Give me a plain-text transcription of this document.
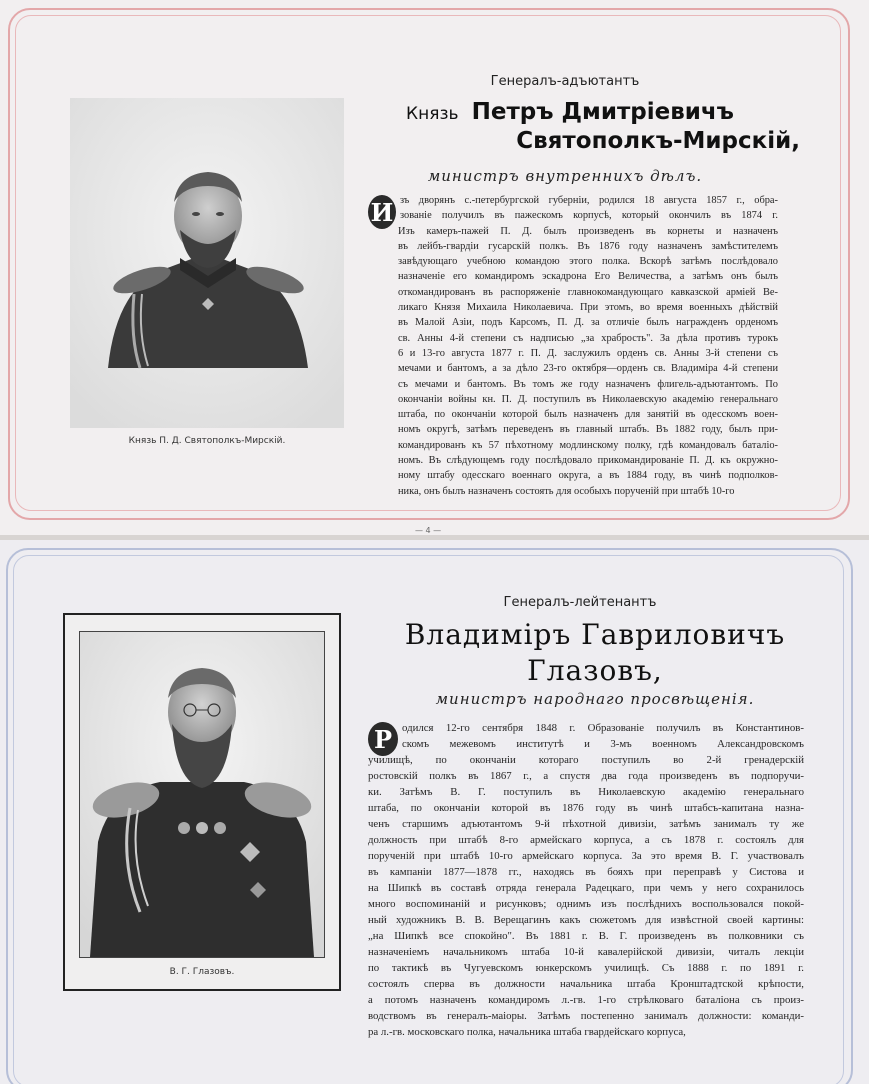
Князь П. Д. Святополкъ-Мирскій.
Генералъ-адъютантъ
Князь Петръ Дмитріевичъ
Святополкъ-Мирскій,
министръ внутреннихъ дѣлъ.
И зъ дворянъ с.-петербургской губерніи, родился 18 августа 1857 г., обра-
зованіе получилъ въ пажескомъ корпусѣ, который окончилъ въ 1874 г.
Изъ камеръ-пажей П. Д. былъ произведенъ въ корнеты и назначенъ
въ лейбъ-гвардіи гусарскій полкъ. Въ 1876 году назначенъ замѣстителемъ
завѣдующаго учебною командою этого полка. Вскорѣ затѣмъ послѣдовало
назначеніе его командиромъ эскадрона Его Величества, а затѣмъ онъ былъ
откомандированъ въ распоряженіе главнокомандующаго кавказской арміей Ве-
ликаго Князя Михаила Николаевича. При этомъ, во время военныхъ дѣйствій
въ Малой Азіи, подъ Карсомъ, П. Д. за отличіе былъ награжденъ орденомъ
св. Анны 4-й степени съ надписью „за храбрость". За дѣла противъ турокъ
6 и 13-го августа 1877 г. П. Д. заслужилъ орденъ св. Анны 3-й степени съ
мечами и бантомъ, а за дѣло 23-го октября—орденъ св. Владиміра 4-й степени
съ мечами и бантомъ. Въ томъ же году назначенъ флигель-адъютантомъ. По
окончаніи войны кн. П. Д. поступилъ въ Николаевскую академію генеральнаго
штаба, по окончаніи которой былъ назначенъ для занятій въ одесскомъ воен-
номъ округѣ, затѣмъ переведенъ въ главный штабъ. Въ 1882 году, былъ при-
командированъ къ 57 пѣхотному модлинскому полку, гдѣ командовалъ баталіо-
номъ. Въ слѣдующемъ году послѣдовало прикомандированіе П. Д. къ окружно-
ному штабу одесскаго военнаго округа, а въ 1884 году, въ чинѣ подполков-
ника, онъ былъ назначенъ состоять для особыхъ порученій при штабѣ 10-го
— 4 —
В. Г. Глазовъ.
Генералъ-лейтенантъ
Владиміръ Гавриловичъ
Глазовъ,
министръ народнаго просвѣщенія.
Р одился 12-го сентября 1848 г. Образованіе получилъ въ Константинов-
скомъ межевомъ институтѣ и 3-мъ военномъ Александровскомъ
училищѣ, по окончаніи котораго поступилъ во 2-й гренадерскій
ростовскій полкъ въ 1867 г., а спустя два года произведенъ въ подпоручи-
ки. Затѣмъ В. Г. поступилъ въ Николаевскую академію генеральнаго
штаба, по окончаніи которой въ 1876 году въ чинѣ штабсъ-капитана назна-
ченъ старшимъ адъютантомъ 9-й пѣхотной дивизіи, затѣмъ занималъ ту же
должность при штабѣ 8-го армейскаго корпуса, а съ 1878 г. состоялъ для
порученій при штабѣ 10-го армейскаго корпуса. За это время В. Г. участвовалъ
въ кампаніи 1877—1878 гг., находясь въ бояхъ при переправѣ у Систова и
на Шипкѣ въ составѣ отряда генерала Радецкаго, при чемъ у него сохранилось
много воспоминаній и рисунковъ; однимъ изъ послѣднихъ воспользовался покой-
ный художникъ В. В. Верещагинъ какъ сюжетомъ для извѣстной своей картины:
„на Шипкѣ все спокойно". Въ 1881 г. В. Г. произведенъ въ полковники съ
назначеніемъ начальникомъ штаба 10-й кавалерійской дивизіи, читалъ лекціи
по тактикѣ въ Чугуевскомъ юнкерскомъ училищѣ. Съ 1888 г. по 1891 г.
состоялъ сперва въ должности начальника штаба Кронштадтской крѣпости,
а потомъ назначенъ командиромъ л.-гв. 1-го стрѣлковаго баталіона съ произ-
водствомъ въ генералъ-маіоры. Затѣмъ постепенно занималъ должности: команди-
ра л.-гв. московскаго полка, начальника штаба гвардейскаго корпуса,
